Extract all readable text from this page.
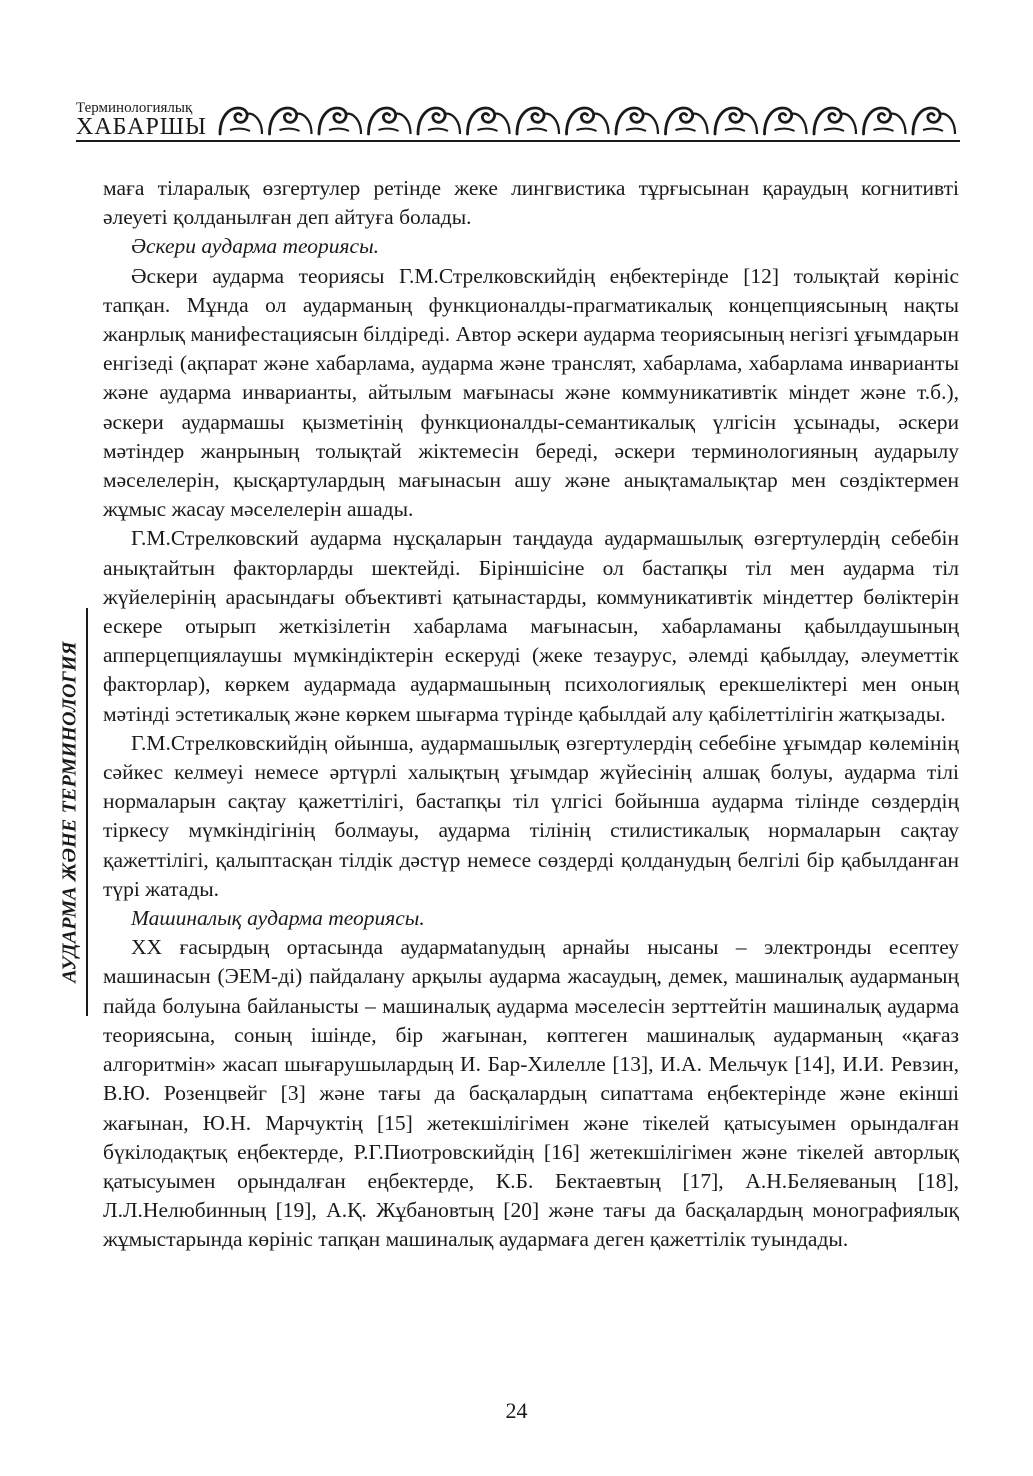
Терминологиялық
ХАБАРШЫ
АУДАРМА ЖӘНЕ ТЕРМИНОЛОГИЯ

маға тіларалық өзгертулер ретінде жеке лингвистика тұрғысынан қараудың когнитивті әлеуеті қолданылған деп айтуға болады.

Әскери аударма теориясы.

Әскери аударма теориясы Г.М.Стрелковскийдің еңбектерінде [12] толықтай көрініс тапқан. Мұнда ол аударманың функционалды-прагматикалық концепциясының нақты жанрлық манифестациясын білдіреді. Автор әскери аударма теориясының негізгі ұғымдарын енгізеді (ақпарат және хабарлама, аударма және транслят, хабарлама, хабарлама инварианты және аударма инварианты, айтылым мағынасы және коммуникативтік міндет және т.б.), әскери аудармашы қызметінің функционалды-семантикалық үлгісін ұсынады, әскери мәтіндер жанрының толықтай жіктемесін береді, әскери терминологияның аударылу мәселелерін, қысқартулардың мағынасын ашу және анықтамалықтар мен сөздіктермен жұмыс жасау мәселелерін ашады.

Г.М.Стрелковский аударма нұсқаларын таңдауда аудармашылық өзгертулердің себебін анықтайтын факторларды шектейді. Біріншісіне ол бастапқы тіл мен аударма тіл жүйелерінің арасындағы объективті қатынастарды, коммуникативтік міндеттер бөліктерін ескере отырып жеткізілетін хабарлама мағынасын, хабарламаны қабылдаушының апперцепциялаушы мүмкіндіктерін ескеруді (жеке тезаурус, әлемді қабылдау, әлеуметтік факторлар), көркем аудармада аудармашының психологиялық ерекшеліктері мен оның мәтінді эстетикалық және көркем шығарма түрінде қабылдай алу қабілеттілігін жатқызады.

Г.М.Стрелковскийдің ойынша, аудармашылық өзгертулердің себебіне ұғымдар көлемінің сәйкес келмеуі немесе әртүрлі халықтың ұғымдар жүйесінің алшақ болуы, аударма тілі нормаларын сақтау қажеттілігі, бастапқы тіл үлгісі бойынша аударма тілінде сөздердің тіркесу мүмкіндігінің болмауы, аударма тілінің стилистикалық нормаларын сақтау қажеттілігі, қалыптасқан тілдік дәстүр немесе сөздерді қолданудың белгілі бір қабылданған түрі жатады.

Машиналық аударма теориясы.

XX ғасырдың ортасында аудармatanудың арнайы нысаны – электронды есептеу машинасын (ЭЕМ-ді) пайдалану арқылы аударма жасаудың, демек, машиналық аударманың пайда болуына байланысты – машиналық аударма мәселесін зерттейтін машиналық аударма теориясына, соның ішінде, бір жағынан, көптеген машиналық аударманың «қағаз алгоритмін» жасап шығарушылардың И. Бар-Хилелле [13], И.А. Мельчук [14], И.И. Ревзин, В.Ю. Розенцвейг [3] және тағы да басқалардың сипаттама еңбектерінде және екінші жағынан, Ю.Н. Марчуктің [15] жетекшілігімен және тікелей қатысуымен орындалған бүкілодақтық еңбектерде, Р.Г.Пиотровскийдің [16] жетекшілігімен және тікелей авторлық қатысуымен орындалған еңбектерде, К.Б. Бектаевтың [17], А.Н.Беляеваның [18], Л.Л.Нелюбинның [19], А.Қ. Жұбановтың [20] және тағы да басқалардың монографиялық жұмыстарында көрініс тапқан машиналық аудармаға деген қажеттілік туындады.

24
